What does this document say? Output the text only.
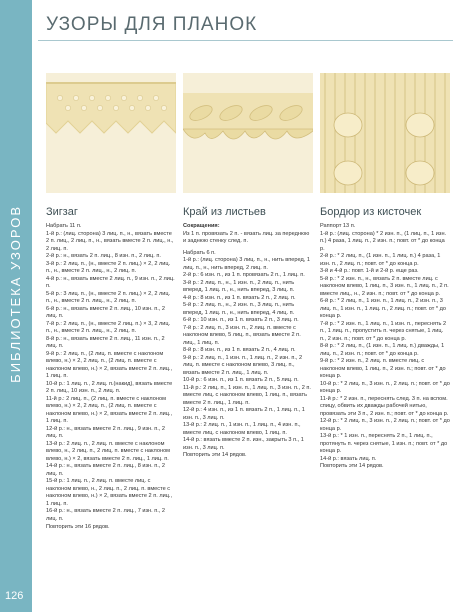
БИБЛИОТЕКА УЗОРОВ
126
УЗОРЫ ДЛЯ ПЛАНОК
Зигзаг
Набрать 11 п.
1-й р.: (лиц. сторона) 3 лиц. п., н., вязать вместе 2 п. лиц., 2 лиц. п., н., вязать вместе 2 п. лиц., н., 2 лиц. п.
2-й р.: н., вязать 2 п. лиц., 8 изн. п., 2 лиц. п.
3-й р.: 2 лиц. п., (н., вместе 2 п. лиц.) × 2, 2 лиц. п., н., вместе 2 п. лиц., н., 2 лиц. п.
4-й р.: н., вязать вместе 2 лиц. п., 9 изн. п., 2 лиц. п.
5-й р.: 3 лиц. п., (н., вместе 2 п. лиц.) × 2, 2 лиц. п., н., вместе 2 п. лиц., н., 2 лиц. п.
6-й р.: н., вязать вместе 2 п. лиц., 10 изн. п., 2 лиц. п.
7-й р.: 2 лиц. п., (н., вместе 2 лиц. п.) × 3, 2 лиц. п., н., вместе 2 п. лиц., н., 2 лиц. п.
8-й р.: н., вязать вместе 2 п. лиц., 11 изн. п., 2 лиц. п.
9-й р.: 2 лиц. п., (2 лиц. п. вместе с наклоном влево, н.) × 2, 2 лиц. п., (2 лиц. п. вместе с наклоном влево, н.) × 2, вязать вместе 2 п. лиц., 1 лиц. п.
10-й р.: 1 лиц. п., 2 лиц. п.(накид), вязать вместе 2 п. лиц., 10 изн. п., 2 лиц. п.
11-й р.: 2 лиц. п., (2 лиц. п. вместе с наклоном влево, н.) × 2, 2 лиц. п., (2 лиц. п. вместе с наклоном влево, н.) × 2, вязать вместе 2 п. лиц., 1 лиц. п.
12-й р.: н., вязать вместе 2 п. лиц., 9 изн. п., 2 лиц. п.
13-й р.: 2 лиц. п., 2 лиц. п. вместе с наклоном влево, н., 2 лиц. п., 2 лиц. п. вместе с наклоном влево, н.) × 2, вязать вместе 2 п. лиц., 1 лиц. п.
14-й р.: н., вязать вместе 2 п. лиц., 8 изн. п., 2 лиц. п.
15-й р.: 1 лиц. п., 2 лиц. п. вместе лиц. с наклоном влево, н., 2 лиц. п., 2 лиц. п. вместе с наклоном влево, н.) × 2, вязать вместе 2 п. лиц., 1 лиц. п.
16-й р.: н., вязать вместе 2 п. лиц., 7 изн. п., 2 лиц. п.
Повторить эти 16 рядов.
Край из листьев
Сокращения:
Из 1 п. провязать 2 п. - вязать лиц. за переднюю и заднюю стенку след. п.
Набрать 6 п.
1-й р.: (лиц. сторона) 3 лиц. п., н., нить вперед, 1 лиц. п., н., нить вперед, 2 лиц. п.
2-й р.: 6 изн. п., из 1 п. провязать 2 п., 1 лиц. п.
3-й р.: 2 лиц. п., н., 1 изн. п., 2 лиц. п., нить вперед, 1 лиц. п., н., нить вперед, 3 лиц. п.
4-й р.: 8 изн. п., из 1 п. вязать 2 п., 2 лиц. п.
5-й р.: 2 лиц. п., н., 2 изн. п., 3 лиц. п., нить вперед, 1 лиц. п., н., нить вперед, 4 лиц. п.
6-й р.: 10 изн. п., из 1 п. вязать 2 п., 3 лиц. п.
7-й р.: 2 лиц. п., 3 изн. п., 2 лиц. п. вместе с наклоном влево, 5 лиц. п., вязать вместе 2 п. лиц., 1 лиц. п.
8-й р.: 8 изн. п., из 1 п. вязать 2 п., 4 лиц. п.
9-й р.: 2 лиц. п., 1 изн. п., 1 лиц. п., 2 изн. п., 2 лиц. п. вместе с наклоном влево, 3 лиц. п., вязать вместе 2 п. лиц., 1 лиц. п.
10-й р.: 6 изн. п., из 1 п. вязать 2 п., 5 лиц. п.
11-й р.: 2 лиц. п., 1 изн. п., 1 лиц. п., 3 изн. п., 2 п. вместе лиц. с наклоном влево, 1 лиц. п., вязать вместе 2 п. лиц., 1 лиц. п.
12-й р.: 4 изн. п., из 1 п. вязать 2 п., 1 лиц. п., 1 изн. п., 3 лиц. п.
13-й р.: 2 лиц. п., 1 изн. п., 1 лиц. п., 4 изн. п., вместе лиц. с наклоном влево, 1 лиц. п.
14-й р.: вязать вместе 2 п. изн., закрыть 3 п., 1 изн. п., 3 лиц. п.
Повторить эти 14 рядов.
Бордюр из кисточек
Раппорт 13 п.
1-й р.: (лиц. сторона) * 2 изн. п., (1 лиц. п., 1 изн. п.) 4 раза, 1 лиц. п., 2 изн. п.; повт. от * до конца р.
2-й р.: * 2 лиц. п., (1 изн. п., 1 лиц. п.) 4 раза, 1 изн. п., 2 лиц. п.; повт. от * до конца р.
3-й и 4-й р.: повт. 1-й и 2-й р. еще раз.
5-й р.: * 2 изн. п., н., вязать 2 п. вместе лиц. с наклоном влево, 1 лиц. п., 3 изн. п., 1 лиц. п., 2 п. вместе лиц., н., 2 изн. п.; повт. от * до конца р.
6-й р.: * 2 лиц. п., 1 изн. п., 1 лиц. п., 2 изн. п., 3 лиц. п., 1 изн. п., 1 лиц. п., 2 лиц. п.; повт. от * до конца р.
7-й р.: * 2 изн. п., 1 лиц. п., 1 изн. п., переснять 2 п., 1 лиц. п., пропустить п. через снятые, 1 лиц. п., 2 изн. п.; повт. от * до конца р.
8-й р.: * 2 лиц. п., (1 изн. п., 1 лиц. п.) дважды, 1 лиц. п., 2 изн. п.; повт. от * до конца р.
9-й р.: * 2 изн. п., 2 лиц. п. вместе лиц. с наклоном влево, 1 лиц. п., 2 изн. п.; повт. от * до конца р.
10-й р.: * 2 лиц. п., 3 изн. п., 2 лиц. п.; повт. от * до конца р.
11-й р.: * 2 изн. п., переснять след. 3 п. на вспом. спицу, обвить их дважды рабочей нитью, провязать эти 3 п., 2 изн. п.; повт. от * до конца р.
12-й р.: * 2 лиц. п., 3 изн. п., 2 лиц. п.; повт. от * до конца р.
13-й р.: * 1 изн. п., переснять 2 п., 1 лиц. п., протянуть п. через снятые, 1 изн. п.; повт. от * до конца р.
14-й р.: вязать лиц. п.
Повторить эти 14 рядов.
